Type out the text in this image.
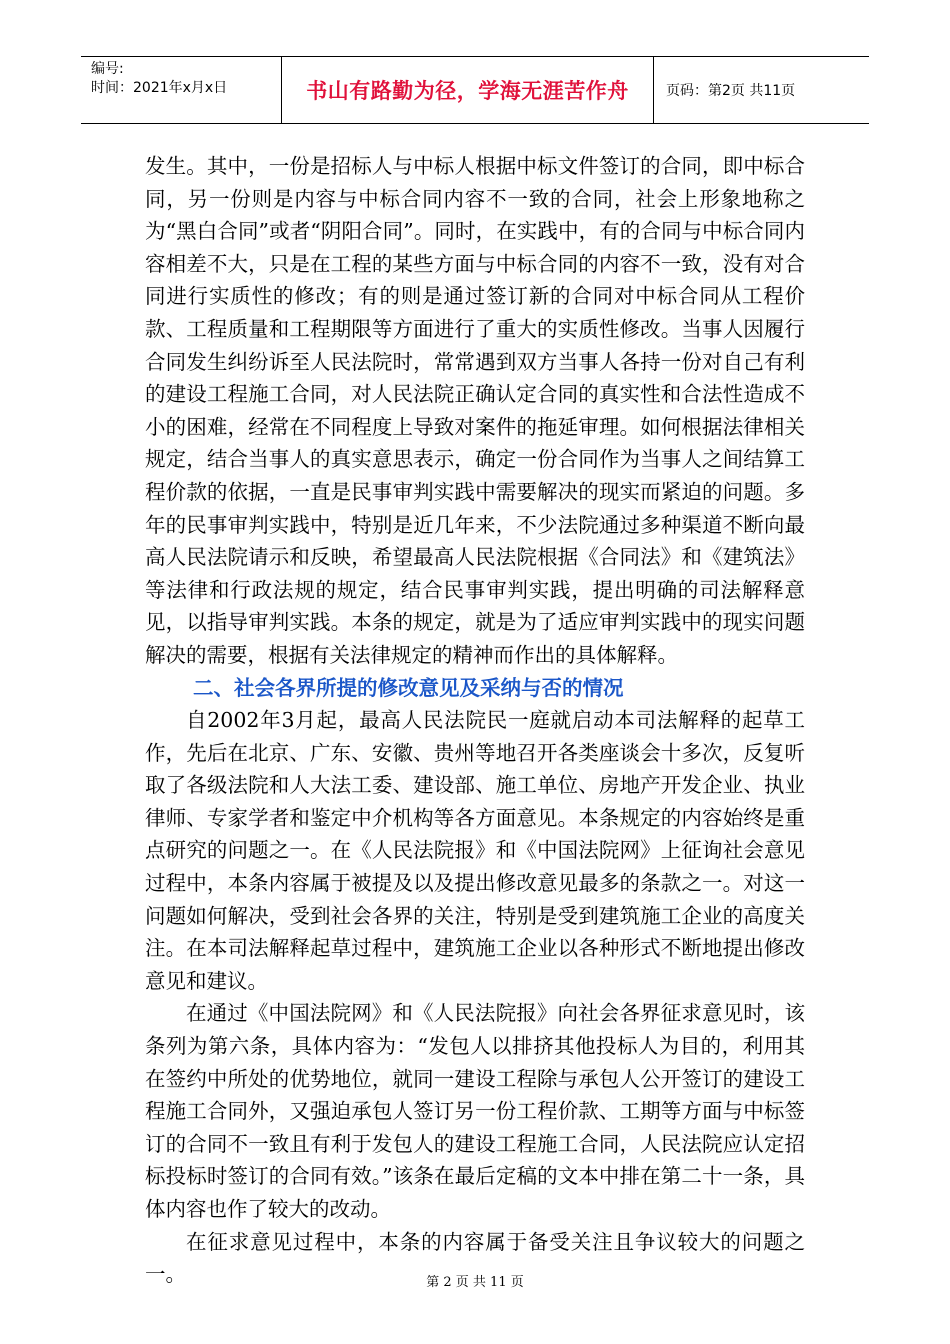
编号:
时间：2021年x月x日	书山有路勤为径，学海无涯苦作舟	页码：第2页 共11页

发生。其中，一份是招标人与中标人根据中标文件签订的合同，即中标合同，另一份则是内容与中标合同内容不一致的合同，社会上形象地称之为“黑白合同”或者“阴阳合同”。同时，在实践中，有的合同与中标合同内容相差不大，只是在工程的某些方面与中标合同的内容不一致，没有对合同进行实质性的修改；有的则是通过签订新的合同对中标合同从工程价款、工程质量和工程期限等方面进行了重大的实质性修改。当事人因履行合同发生纠纷诉至人民法院时，常常遇到双方当事人各持一份对自己有利的建设工程施工合同，对人民法院正确认定合同的真实性和合法性造成不小的困难，经常在不同程度上导致对案件的拖延审理。如何根据法律相关规定，结合当事人的真实意思表示，确定一份合同作为当事人之间结算工程价款的依据，一直是民事审判实践中需要解决的现实而紧迫的问题。多年的民事审判实践中，特别是近几年来，不少法院通过多种渠道不断向最高人民法院请示和反映，希望最高人民法院根据《合同法》和《建筑法》等法律和行政法规的规定，结合民事审判实践，提出明确的司法解释意见，以指导审判实践。本条的规定，就是为了适应审判实践中的现实问题解决的需要，根据有关法律规定的精神而作出的具体解释。

二、社会各界所提的修改意见及采纳与否的情况

自2002年3月起，最高人民法院民一庭就启动本司法解释的起草工作，先后在北京、广东、安徽、贵州等地召开各类座谈会十多次，反复听取了各级法院和人大法工委、建设部、施工单位、房地产开发企业、执业律师、专家学者和鉴定中介机构等各方面意见。本条规定的内容始终是重点研究的问题之一。在《人民法院报》和《中国法院网》上征询社会意见过程中，本条内容属于被提及以及提出修改意见最多的条款之一。对这一问题如何解决，受到社会各界的关注，特别是受到建筑施工企业的高度关注。在本司法解释起草过程中，建筑施工企业以各种形式不断地提出修改意见和建议。

在通过《中国法院网》和《人民法院报》向社会各界征求意见时，该条列为第六条，具体内容为：“发包人以排挤其他投标人为目的，利用其在签约中所处的优势地位，就同一建设工程除与承包人公开签订的建设工程施工合同外，又强迫承包人签订另一份工程价款、工期等方面与中标签订的合同不一致且有利于发包人的建设工程施工合同，人民法院应认定招标投标时签订的合同有效。”该条在最后定稿的文本中排在第二十一条，具体内容也作了较大的改动。

在征求意见过程中，本条的内容属于备受关注且争议较大的问题之一。	第 2 页 共 11 页
